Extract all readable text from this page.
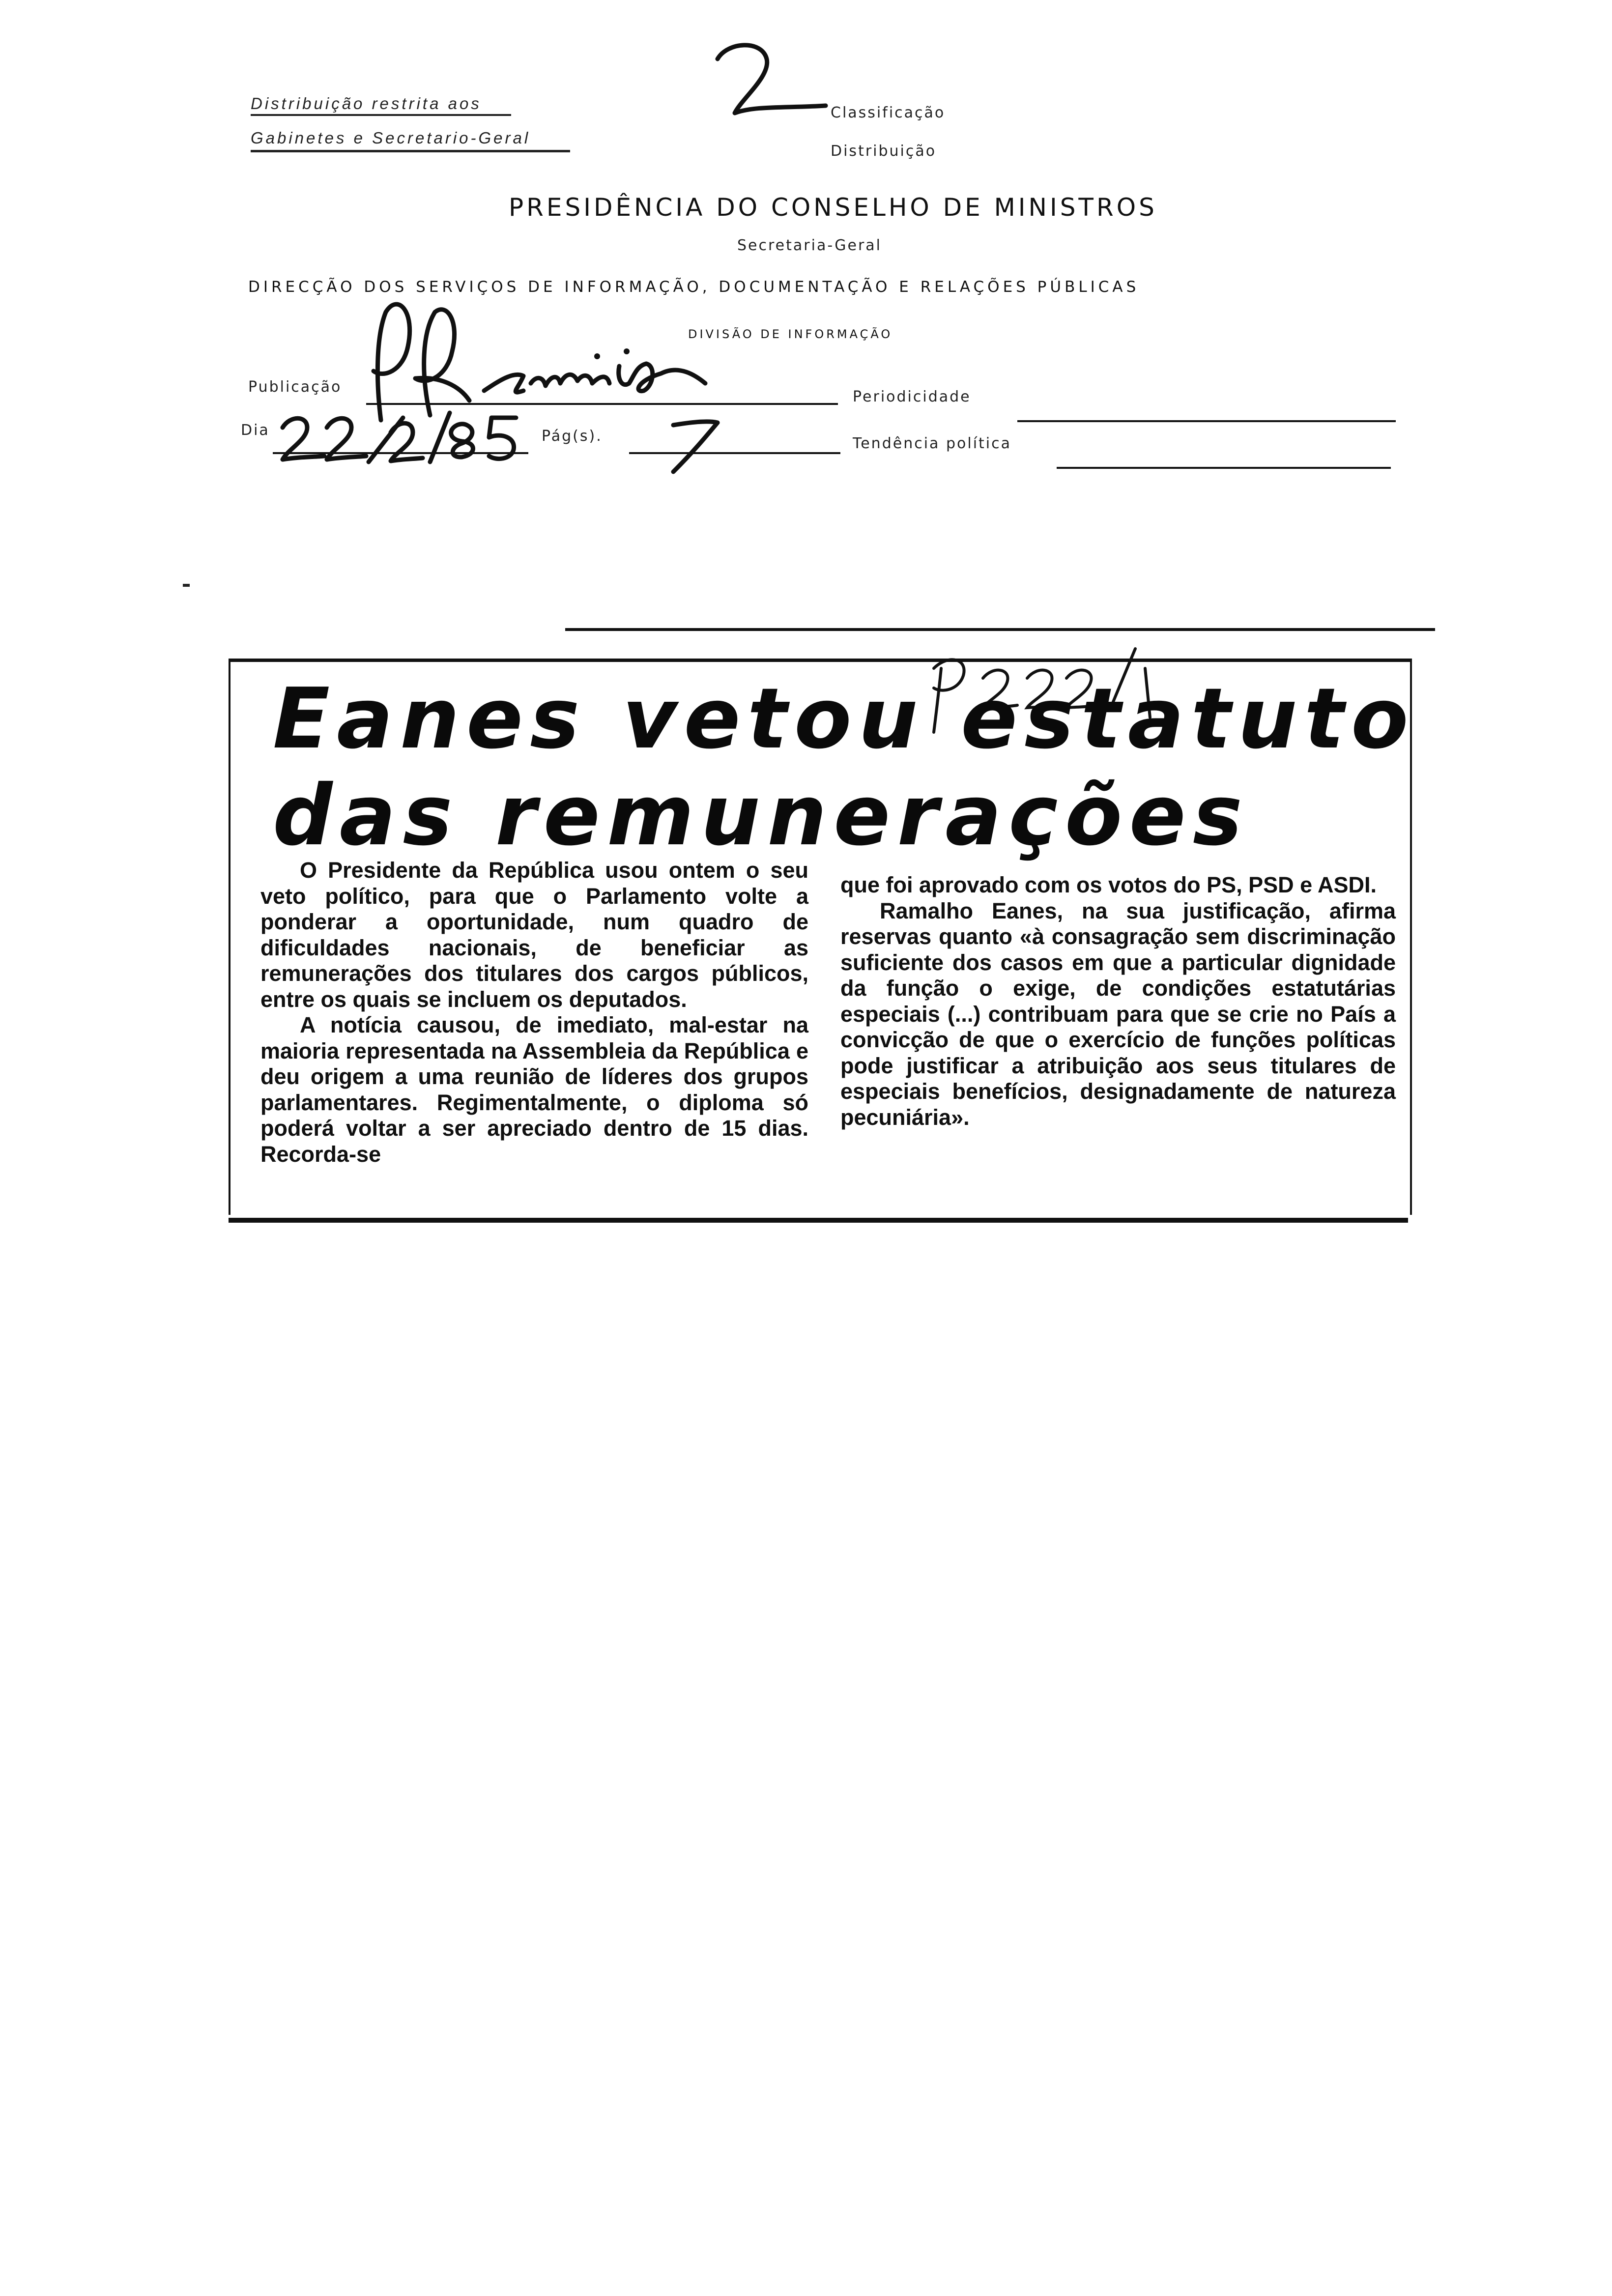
Distribuição restrita aos
Gabinetes e Secretario-Geral
Classificação
Distribuição
PRESIDÊNCIA DO CONSELHO DE MINISTROS
Secretaria-Geral
DIRECÇÃO DOS SERVIÇOS DE INFORMAÇÃO, DOCUMENTAÇÃO E RELAÇÕES PÚBLICAS
DIVISÃO DE INFORMAÇÃO
Publicação
Periodicidade
Dia	Pág(s).	Tendência política
Eanes vetou estatuto
das remunerações

O Presidente da República usou ontem o seu veto político, para que o Parlamento volte a ponderar a oportunidade, num quadro de dificuldades nacionais, de beneficiar as remunerações dos titulares dos cargos públicos, entre os quais se incluem os deputados.

A notícia causou, de imediato, mal-estar na maioria representada na Assembleia da República e deu origem a uma reunião de líderes dos grupos parlamentares. Regimentalmente, o diploma só poderá voltar a ser apreciado dentro de 15 dias. Recorda-se

que foi aprovado com os votos do PS, PSD e ASDI.

Ramalho Eanes, na sua justificação, afirma reservas quanto «à consagração sem discriminação suficiente dos casos em que a particular dignidade da função o exige, de condições estatutárias especiais (...) contribuam para que se crie no País a convicção de que o exercício de funções políticas pode justificar a atribuição aos seus titulares de especiais benefícios, designadamente de natureza pecuniária».
